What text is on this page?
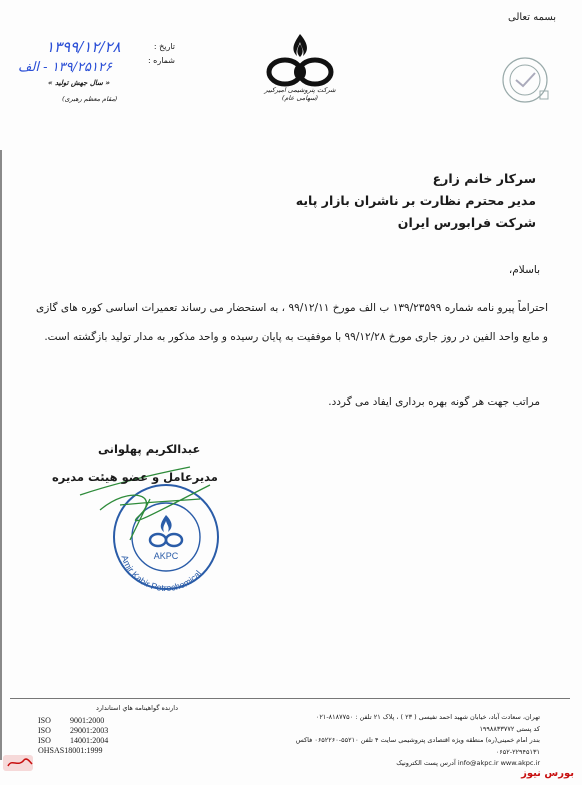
بسمه تعالی
تاریخ :
شماره :
۱۳۹۹/۱۲/۲۸
۱۳۹/۲۵۱۲۶ - الف
« سال جهش تولید »
(مقام معظم رهبری)
شرکت پتروشیمی امیرکبیر (سهامی عام)
سرکار خانم زارع
مدیر محترم نظارت بر ناشران بازار پایه
شرکت فرابورس ایران
باسلام،
احتراماً پیرو نامه شماره ۱۳۹/۲۳۵۹۹ ب الف مورخ ۹۹/۱۲/۱۱ ، به استحضار می رساند تعمیرات اساسی کوره های گازی و مایع واحد الفین در روز جاری مورخ ۹۹/۱۲/۲۸ با موفقیت به پایان رسیده و واحد مذکور به مدار تولید بازگشته است.
مراتب جهت هر گونه بهره برداری ایفاد می گردد.
AKPC
Amir Kabir Petrochemical
عبدالکریم پهلوانی
مدیرعامل و عضو هیئت مدیره
دارنده گواهینامه هاي استاندارد
ISO	9001:2000
ISO	29001:2003
ISO	14001:2004
OHSAS 18001:1999
تهران، سعادت آباد، خیابان شهید احمد نفیسی ( ۲۳ ) ، پلاک ۲۱ تلفن : ۸۱۸۷۷۵۰-۰۲۱
کد پستی ۱۹۹۸۸۳۳۷۷۲
بندر امام خمینی(ره) منطقه ویژه اقتصادی پتروشیمی سایت ۴ تلفن ۵۵۲۱۰-۰۶۵۲۲۶۰ فاکس ۲۲۹۴۵۱۳۱-۰۶۵۲
info@akpc.ir www.akpc.ir آدرس پست الکترونیک
بورس نیوز
